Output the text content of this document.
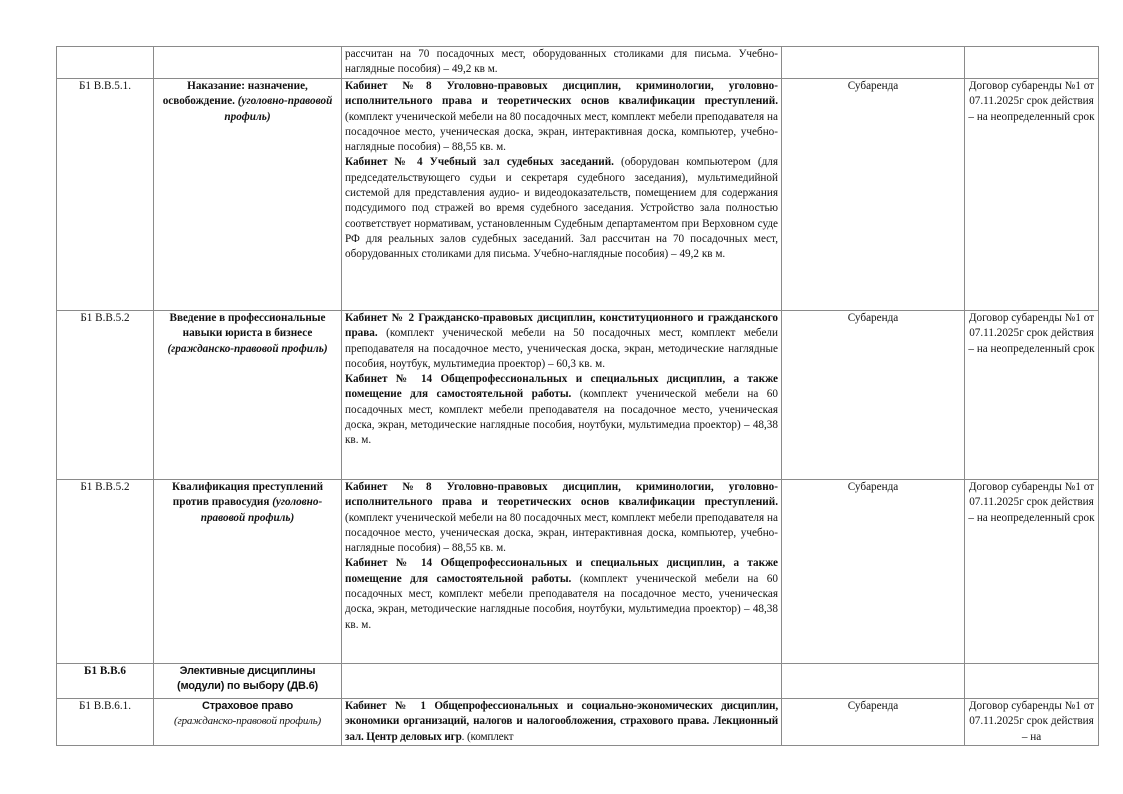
		рассчитан на 70 посадочных мест, оборудованных столиками для письма. Учебно-наглядные пособия) – 49,2 кв м.		

Б1 В.В.5.1.	Наказание: назначение, освобождение. (уголовно-правовой профиль)	Кабинет №8 Уголовно-правовых дисциплин, криминологии, уголовно-исполнительного права и теоретических основ квалификации преступлений. (комплект ученической мебели на 80 посадочных мест, комплект мебели преподавателя на посадочное место, ученическая доска, экран, интерактивная доска, компьютер, учебно-наглядные пособия) – 88,55 кв. м.

Кабинет № 4 Учебный зал судебных заседаний. (оборудован компьютером (для председательствующего судьи и секретаря судебного заседания), мультимедийной системой для представления аудио- и видеодоказательств, помещением для содержания подсудимого под стражей во время судебного заседания. Устройство зала полностью соответствует нормативам, установленным Судебным департаментом при Верховном суде РФ для реальных залов судебных заседаний. Зал рассчитан на 70 посадочных мест, оборудованных столиками для письма. Учебно-наглядные пособия) – 49,2 кв м.	Субаренда	Договор субаренды №1 от 07.11.2025г срок действия – на неопределенный срок
Б1 В.В.5.2	Введение в профессиональные навыки юриста в бизнесе (гражданско-правовой профиль)	Кабинет № 2 Гражданско-правовых дисциплин, конституционного и гражданского права. (комплект ученической мебели на 50 посадочных мест, комплект мебели преподавателя на посадочное место, ученическая доска, экран, методические наглядные пособия, ноутбук, мультимедиа проектор) – 60,3 кв. м.

Кабинет № 14 Общепрофессиональных и специальных дисциплин, а также помещение для самостоятельной работы. (комплект ученической мебели на 60 посадочных мест, комплект мебели преподавателя на посадочное место, ученическая доска, экран, методические наглядные пособия, ноутбуки, мультимедиа проектор) – 48,38 кв. м.	Субаренда	Договор субаренды №1 от 07.11.2025г срок действия – на неопределенный срок
Б1 В.В.5.2	Квалификация преступлений против правосудия (уголовно-правовой профиль)	Кабинет №8 Уголовно-правовых дисциплин, криминологии, уголовно-исполнительного права и теоретических основ квалификации преступлений. (комплект ученической мебели на 80 посадочных мест, комплект мебели преподавателя на посадочное место, ученическая доска, экран, интерактивная доска, компьютер, учебно-наглядные пособия) – 88,55 кв. м.

Кабинет № 14 Общепрофессиональных и специальных дисциплин, а также помещение для самостоятельной работы. (комплект ученической мебели на 60 посадочных мест, комплект мебели преподавателя на посадочное место, ученическая доска, экран, методические наглядные пособия, ноутбуки, мультимедиа проектор) – 48,38 кв. м.	Субаренда	Договор субаренды №1 от 07.11.2025г срок действия – на неопределенный срок
Б1 В.В.6	Элективные дисциплины (модули) по выбору (ДВ.6)			
Б1 В.В.6.1.	Страховое право
(гражданско-правовой профиль)	Кабинет № 1 Общепрофессиональных и социально-экономических дисциплин, экономики организаций, налогов и налогообложения, страхового права. Лекционный зал. Центр деловых игр. (комплект	Субаренда	Договор субаренды №1 от 07.11.2025г срок действия – на
